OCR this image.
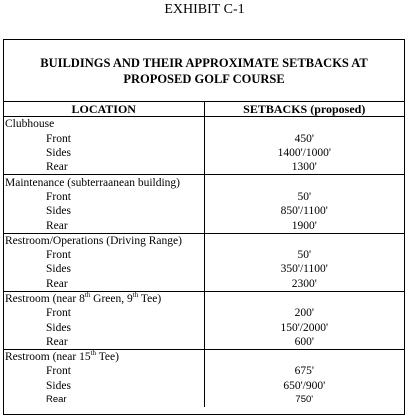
EXHIBIT C-1
BUILDINGS AND THEIR APPROXIMATE SETBACKS AT
PROPOSED GOLF COURSE
LOCATION	SETBACKS (proposed)
Clubhouse	
Front	450'
Sides	1400'/1000'
Rear	1300'
Maintenance (subterraanean building)	
Front	50'
Sides	850'/1100'
Rear	1900'
Restroom/Operations (Driving Range)	
Front	50'
Sides	350'/1100'
Rear	2300'
Restroom (near 8th Green, 9th Tee)	
Front	200'
Sides	150'/2000'
Rear	600'
Restroom (near 15th Tee)	
Front	675'
Sides	650'/900'
Rear	750'
